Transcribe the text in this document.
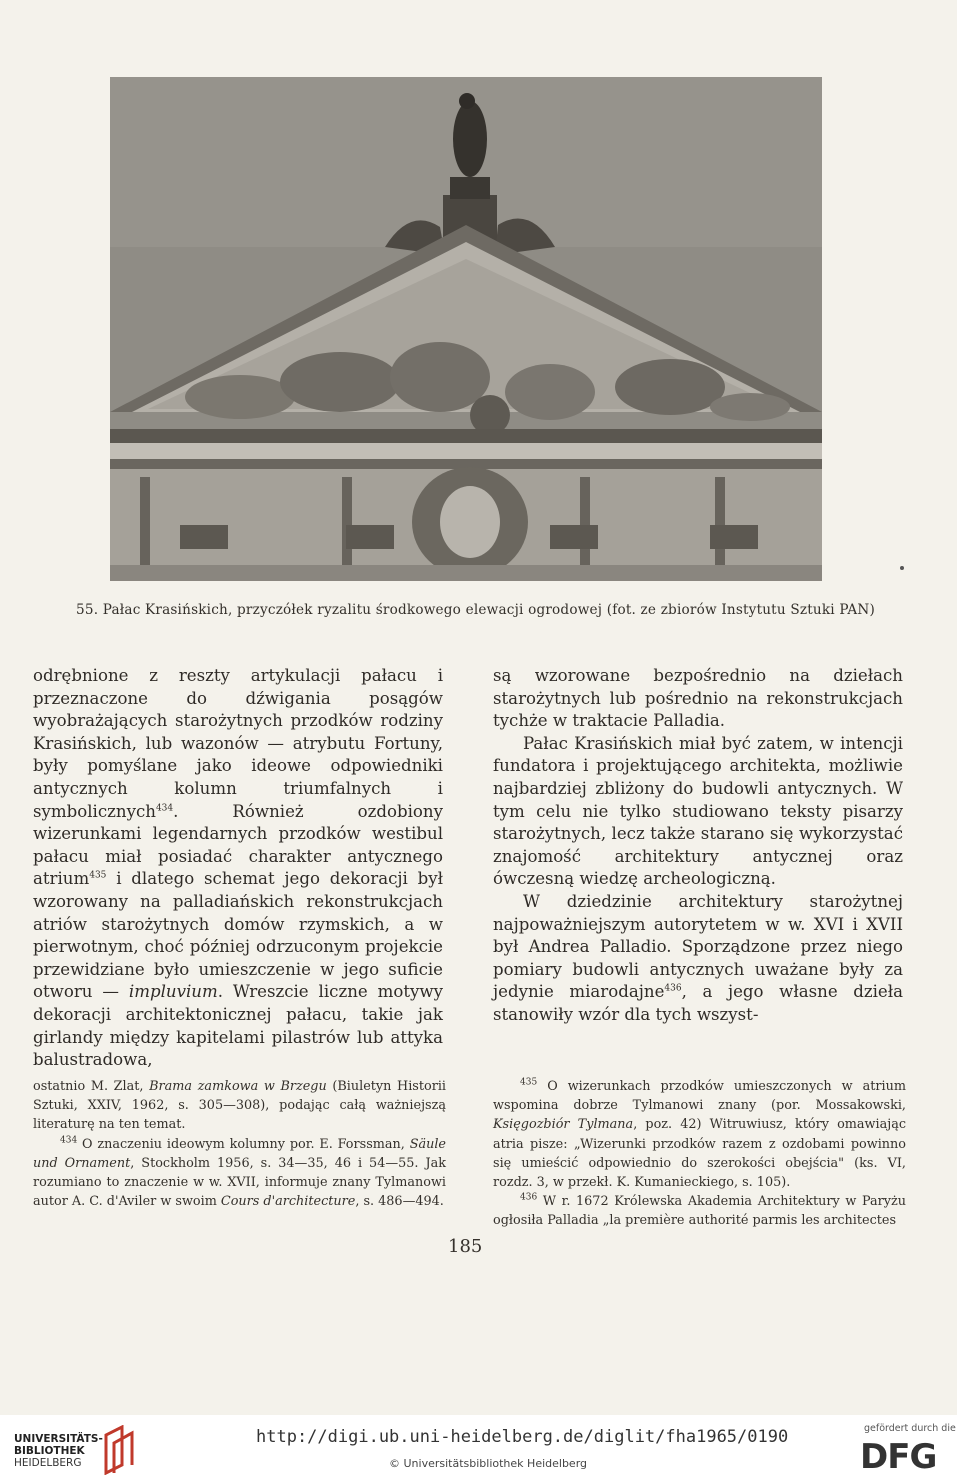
55. Pałac Krasińskich, przyczółek ryzalitu środkowego elewacji ogrodowej (fot. ze zbiorów Instytutu Sztuki PAN)

odrębnione z reszty artykulacji pałacu i przeznaczone do dźwigania posągów wyobrażających starożytnych przodków rodziny Krasińskich, lub wazonów — atrybutu Fortuny, były pomyślane jako ideowe odpowiedniki antycznych kolumn triumfalnych i symbolicznych$^{434}$. Również ozdobiony wizerunkami legendarnych przodków westibul pałacu miał posiadać charakter antycznego atrium$^{435}$ i dlatego schemat jego dekoracji był wzorowany na palladiańskich rekonstrukcjach atriów starożytnych domów rzymskich, a w pierwotnym, choć później odrzuconym projekcie przewidziane było umieszczenie w jego suficie otworu — impluvium. Wreszcie liczne motywy dekoracji architektonicznej pałacu, takie jak girlandy między kapitelami pilastrów lub attyka balustradowa,

są wzorowane bezpośrednio na dziełach starożytnych lub pośrednio na rekonstrukcjach tychże w traktacie Palladia.

Pałac Krasińskich miał być zatem, w intencji fundatora i projektującego architekta, możliwie najbardziej zbliżony do budowli antycznych. W tym celu nie tylko studiowano teksty pisarzy starożytnych, lecz także starano się wykorzystać znajomość architektury antycznej oraz ówczesną wiedzę archeologiczną.

W dziedzinie architektury starożytnej najpoważniejszym autorytetem w w. XVI i XVII był Andrea Palladio. Sporządzone przez niego pomiary budowli antycznych uważane były za jedynie miarodajne$^{436}$, a jego własne dzieła stanowiły wzór dla tych wszyst-

ostatnio M. Zlat, Brama zamkowa w Brzegu (Biuletyn Historii Sztuki, XXIV, 1962, s. 305—308), podając całą ważniejszą literaturę na ten temat.

$^{434}$ O znaczeniu ideowym kolumny por. E. Forssman, Säule und Ornament, Stockholm 1956, s. 34—35, 46 i 54—55. Jak rozumiano to znaczenie w w. XVII, informuje znany Tylmanowi autor A. C. d'Aviler w swoim Cours d'architecture, s. 486—494.

$^{435}$ O wizerunkach przodków umieszczonych w atrium wspomina dobrze Tylmanowi znany (por. Mossakowski, Księgozbiór Tylmana, poz. 42) Witruwiusz, który omawiając atria pisze: „Wizerunki przodków razem z ozdobami powinno się umieścić odpowiednio do szerokości obejścia" (ks. VI, rozdz. 3, w przekł. K. Kumanieckiego, s. 105).

$^{436}$ W r. 1672 Królewska Akademia Architektury w Paryżu ogłosiła Palladia „la première authorité parmis les architectes

185
UNIVERSITÄTS-
BIBLIOTHEK
HEIDELBERG
http://digi.ub.uni-heidelberg.de/diglit/fha1965/0190
© Universitätsbibliothek Heidelberg
gefördert durch die
DFG
